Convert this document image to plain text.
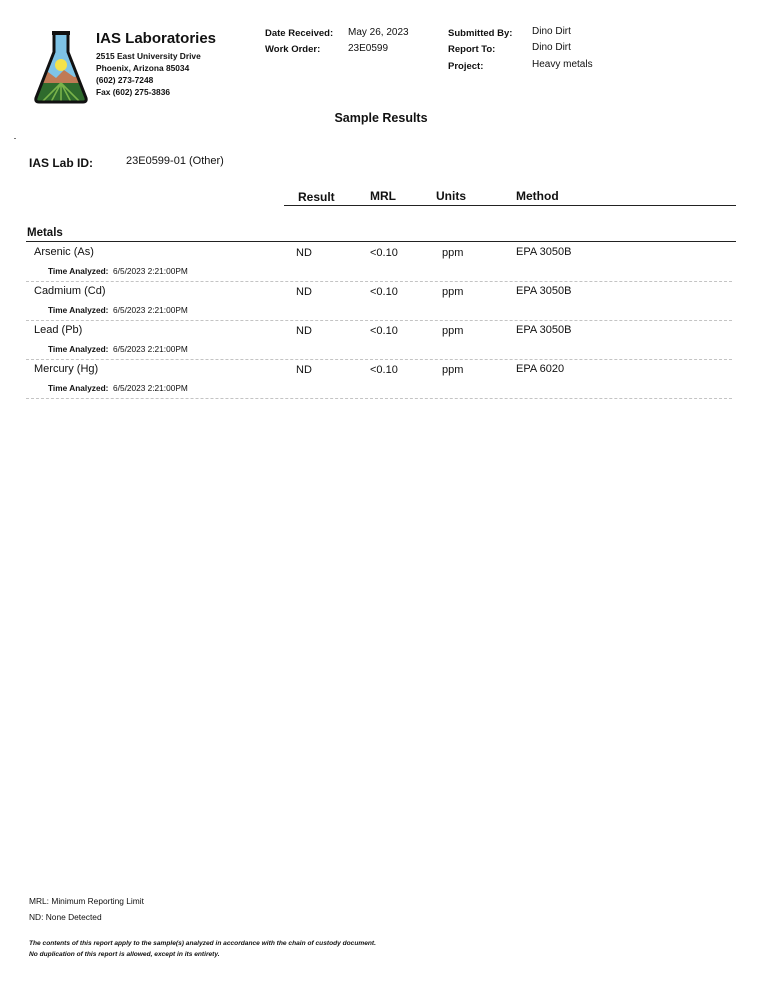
IAS Laboratories
2515 East University Drive
Phoenix, Arizona 85034
(602) 273-7248
Fax (602) 275-3836
Date Received: May 26, 2023
Work Order:	23E0599
Submitted By: Dino Dirt
Report To:	Dino Dirt
Project:	Heavy metals
Sample Results
IAS Lab ID:	23E0599-01 (Other)
Result	MRL	Units	Method
Metals
Arsenic (As)	ND	<0.10	ppm	EPA 3050B
Time Analyzed: 6/5/2023 2:21:00PM
Cadmium (Cd)	ND	<0.10	ppm	EPA 3050B
Time Analyzed: 6/5/2023 2:21:00PM
Lead (Pb)	ND	<0.10	ppm	EPA 3050B
Time Analyzed: 6/5/2023 2:21:00PM
Mercury (Hg)	ND	<0.10	ppm	EPA 6020
Time Analyzed: 6/5/2023 2:21:00PM
MRL: Minimum Reporting Limit
ND: None Detected
The contents of this report apply to the sample(s) analyzed in accordance with the chain of custody document.
No duplication of this report is allowed, except in its entirety.
